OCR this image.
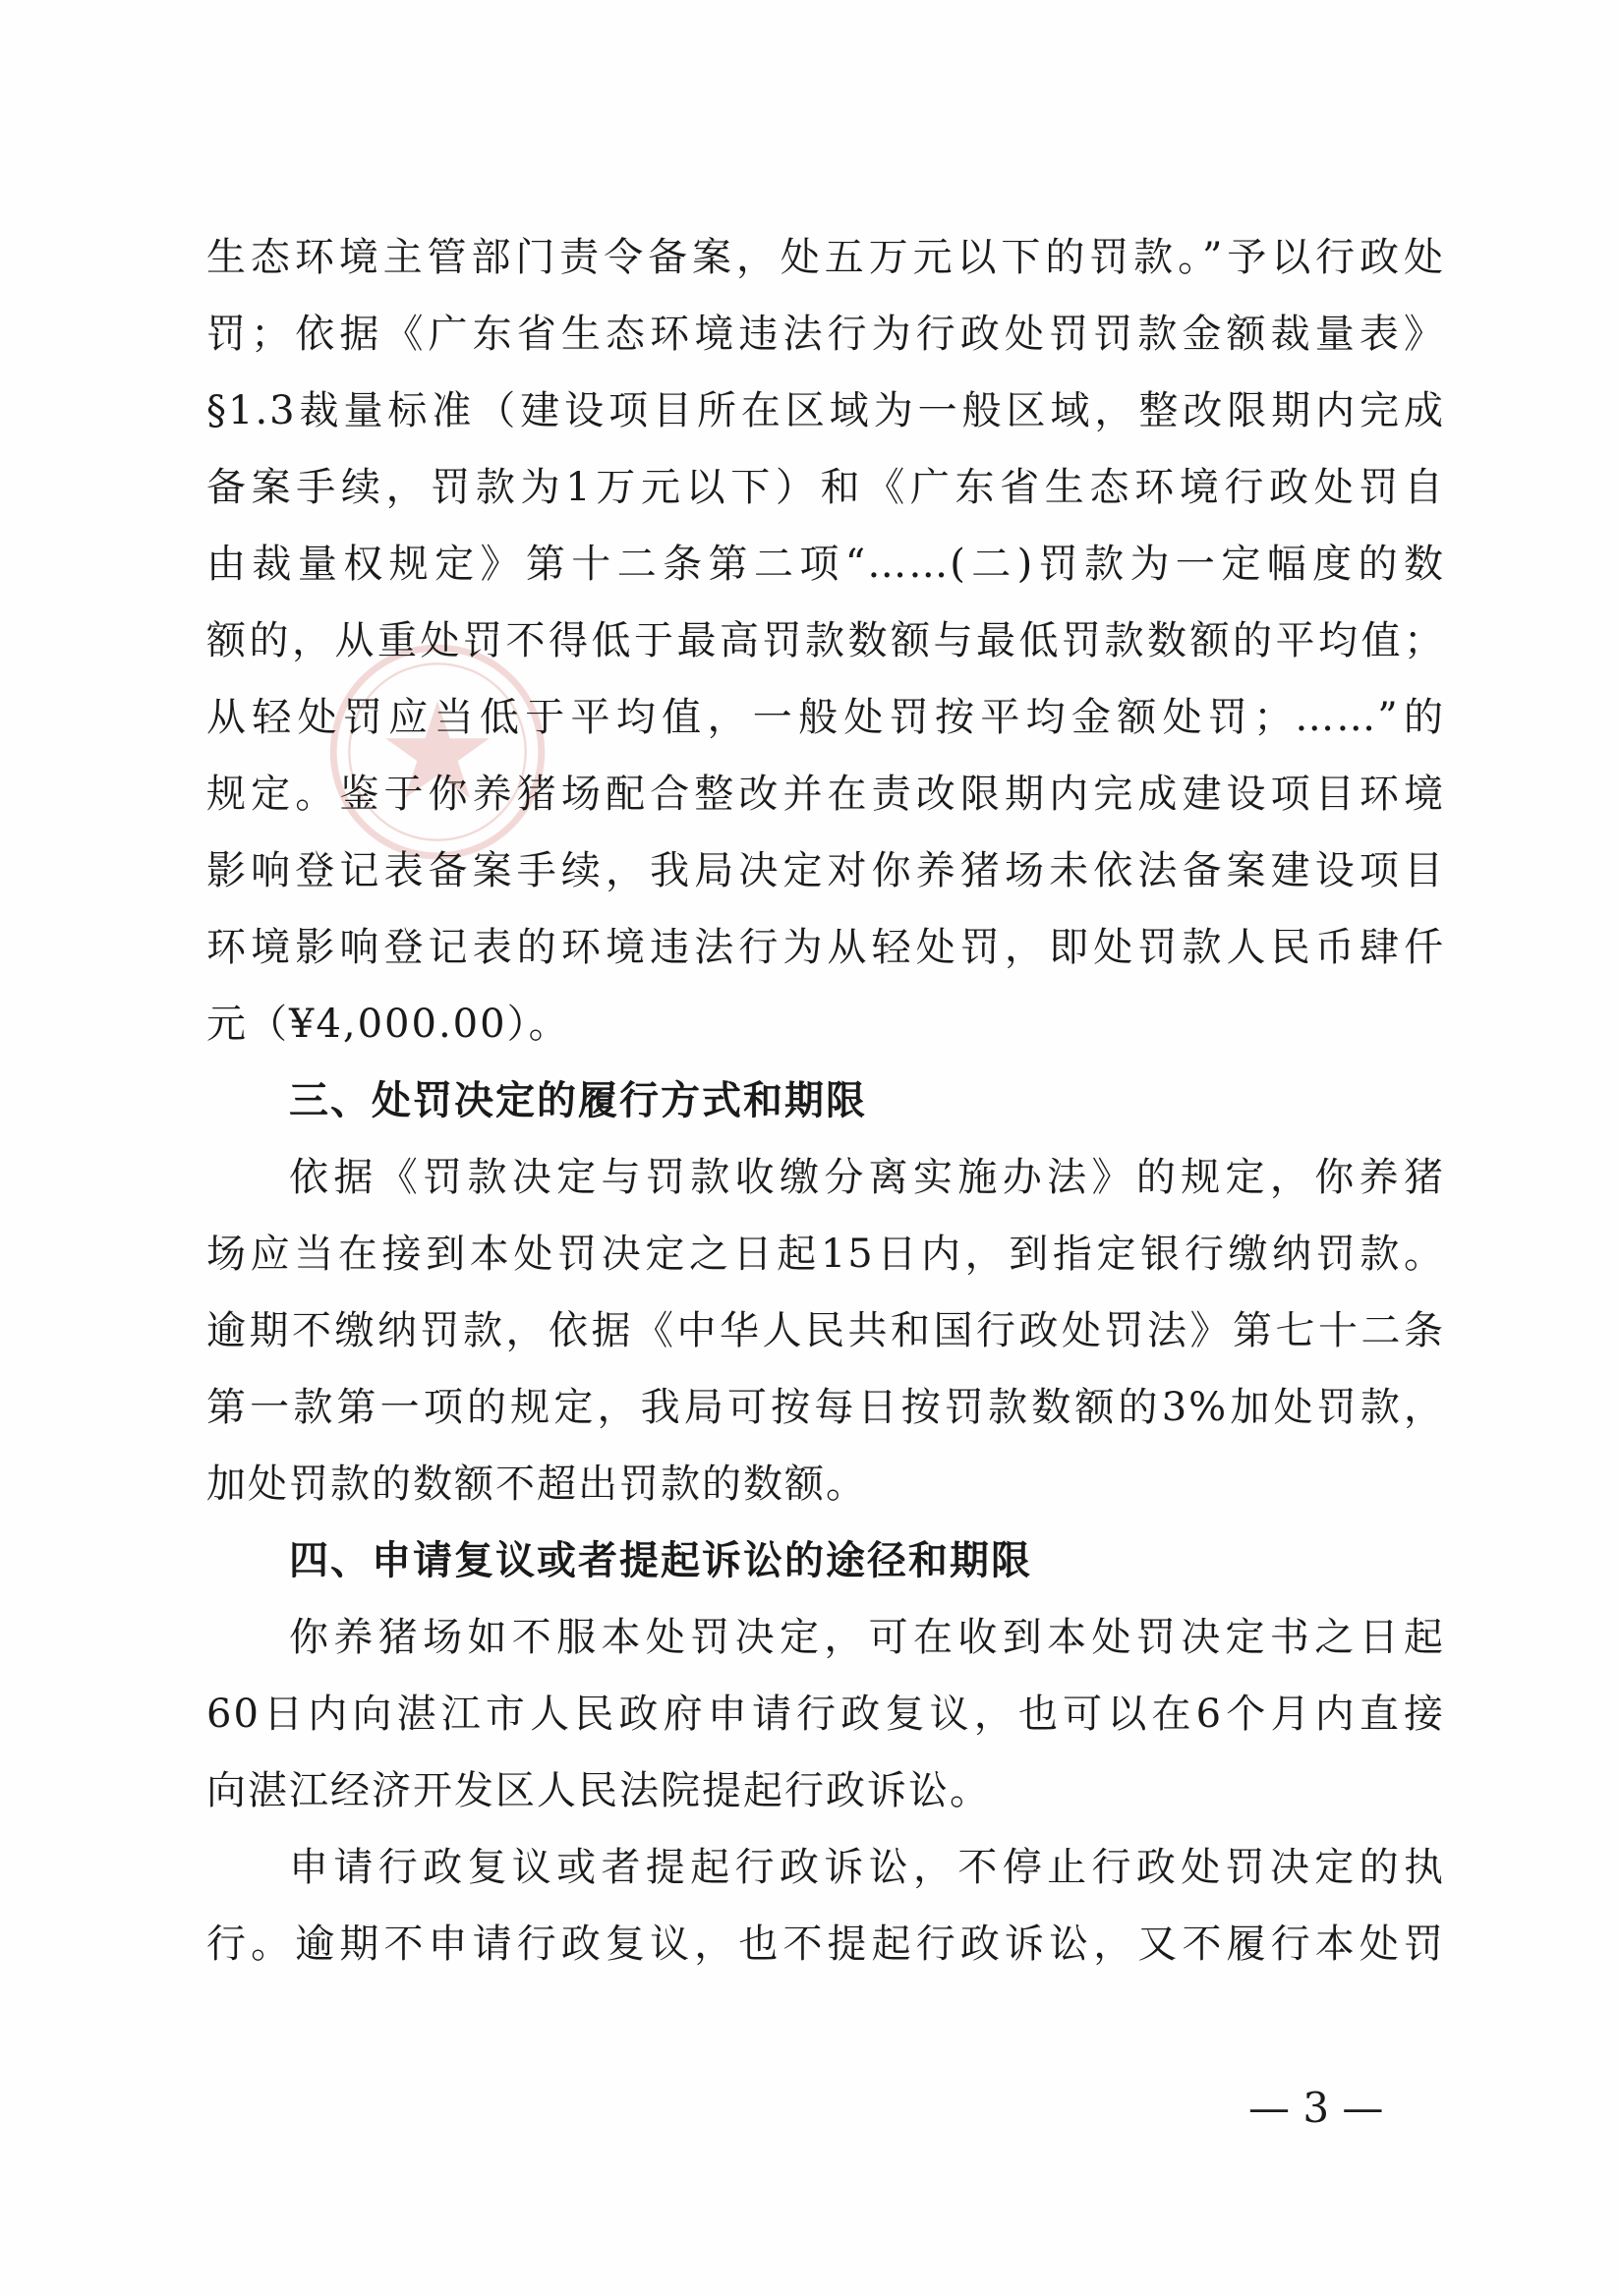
生态环境主管部门责令备案，处五万元以下的罚款。”予以行政处
罚；依据《广东省生态环境违法行为行政处罚罚款金额裁量表》
§1.3裁量标准（建设项目所在区域为一般区域，整改限期内完成
备案手续，罚款为1万元以下）和《广东省生态环境行政处罚自
由裁量权规定》第十二条第二项“……(二)罚款为一定幅度的数
额的，从重处罚不得低于最高罚款数额与最低罚款数额的平均值；
从轻处罚应当低于平均值，一般处罚按平均金额处罚；……”的
规定。鉴于你养猪场配合整改并在责改限期内完成建设项目环境
影响登记表备案手续，我局决定对你养猪场未依法备案建设项目
环境影响登记表的环境违法行为从轻处罚，即处罚款人民币肆仟
元（¥4,000.00）。
三、处罚决定的履行方式和期限
依据《罚款决定与罚款收缴分离实施办法》的规定，你养猪
场应当在接到本处罚决定之日起15日内，到指定银行缴纳罚款。
逾期不缴纳罚款，依据《中华人民共和国行政处罚法》第七十二条
第一款第一项的规定，我局可按每日按罚款数额的3%加处罚款，
加处罚款的数额不超出罚款的数额。
四、申请复议或者提起诉讼的途径和期限
你养猪场如不服本处罚决定，可在收到本处罚决定书之日起
60日内向湛江市人民政府申请行政复议，也可以在6个月内直接
向湛江经济开发区人民法院提起行政诉讼。
申请行政复议或者提起行政诉讼，不停止行政处罚决定的执
行。逾期不申请行政复议，也不提起行政诉讼，又不履行本处罚
— 3 —
